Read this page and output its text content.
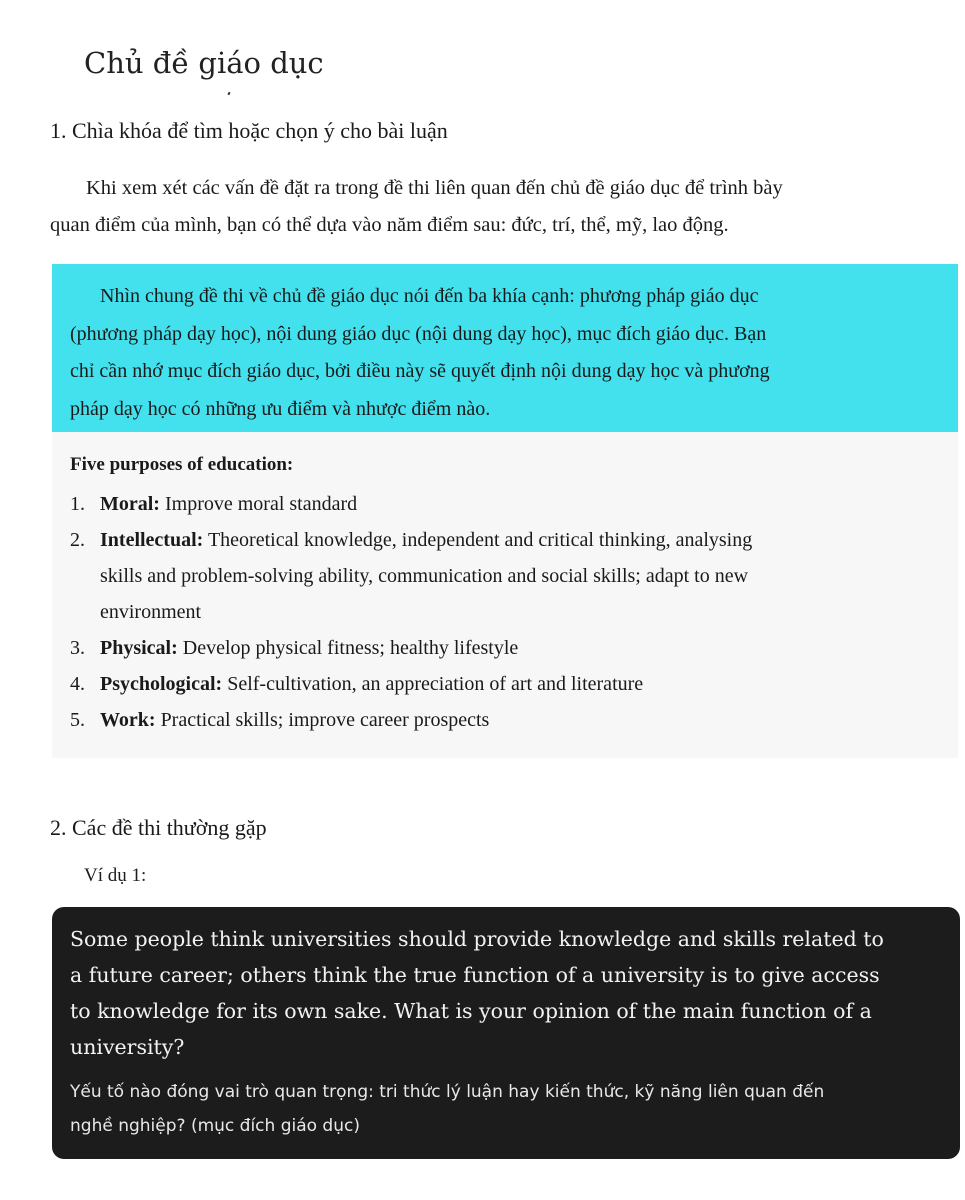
Chủ đề giáo dục
1. Chìa khóa để tìm hoặc chọn ý cho bài luận

Khi xem xét các vấn đề đặt ra trong đề thi liên quan đến chủ đề giáo dục để trình bày
quan điểm của mình, bạn có thể dựa vào năm điểm sau: đức, trí, thể, mỹ, lao động.

Nhìn chung đề thi về chủ đề giáo dục nói đến ba khía cạnh: phương pháp giáo dục
(phương pháp dạy học), nội dung giáo dục (nội dung dạy học), mục đích giáo dục. Bạn
chỉ cần nhớ mục đích giáo dục, bởi điều này sẽ quyết định nội dung dạy học và phương
pháp dạy học có những ưu điểm và nhược điểm nào.

Five purposes of education:
1. Moral: Improve moral standard
2. Intellectual: Theoretical knowledge, independent and critical thinking, analysing
skills and problem-solving ability, communication and social skills; adapt to new
environment
3. Physical: Develop physical fitness; healthy lifestyle
4. Psychological: Self-cultivation, an appreciation of art and literature
5. Work: Practical skills; improve career prospects
2. Các đề thi thường gặp

Ví dụ 1:

Some people think universities should provide knowledge and skills related to
a future career; others think the true function of a university is to give access
to knowledge for its own sake. What is your opinion of the main function of a
university?

Yếu tố nào đóng vai trò quan trọng: tri thức lý luận hay kiến thức, kỹ năng liên quan đến
nghề nghiệp? (mục đích giáo dục)
